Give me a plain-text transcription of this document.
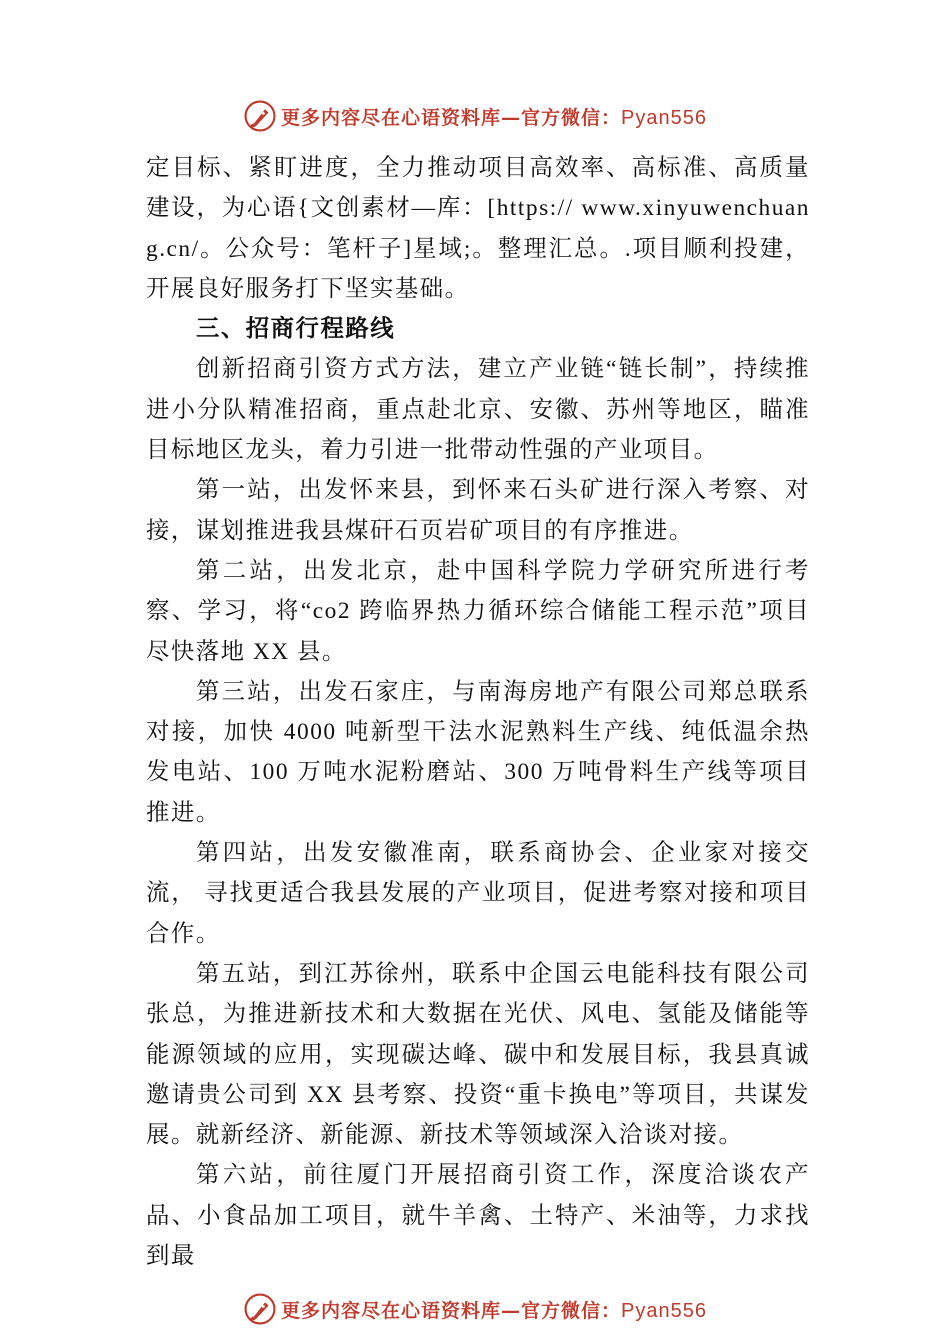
更多内容尽在心语资料库—官方微信：Pyan556

定目标、紧盯进度，全力推动项目高效率、高标准、高质量建设，为心语{文创素材—库：[https:// www.xinyuwenchuang.cn/。公众号：笔杆子]星域;。整理汇总。.项目顺利投建，开展良好服务打下坚实基础。

三、招商行程路线

创新招商引资方式方法，建立产业链“链长制”，持续推进小分队精准招商，重点赴北京、安徽、苏州等地区，瞄准目标地区龙头，着力引进一批带动性强的产业项目。

第一站，出发怀来县，到怀来石头矿进行深入考察、对接，谋划推进我县煤矸石页岩矿项目的有序推进。

第二站，出发北京，赴中国科学院力学研究所进行考察、学习，将“co2 跨临界热力循环综合储能工程示范”项目尽快落地 XX 县。

第三站，出发石家庄，与南海房地产有限公司郑总联系对接，加快 4000 吨新型干法水泥熟料生产线、纯低温余热发电站、100 万吨水泥粉磨站、300 万吨骨料生产线等项目推进。

第四站，出发安徽准南，联系商协会、企业家对接交流， 寻找更适合我县发展的产业项目，促进考察对接和项目合作。

第五站，到江苏徐州，联系中企国云电能科技有限公司张总，为推进新技术和大数据在光伏、风电、氢能及储能等能源领域的应用，实现碳达峰、碳中和发展目标，我县真诚邀请贵公司到 XX 县考察、投资“重卡换电”等项目，共谋发展。就新经济、新能源、新技术等领域深入洽谈对接。

第六站，前往厦门开展招商引资工作，深度洽谈农产品、小食品加工项目，就牛羊禽、土特产、米油等，力求找到最

更多内容尽在心语资料库—官方微信：Pyan556
